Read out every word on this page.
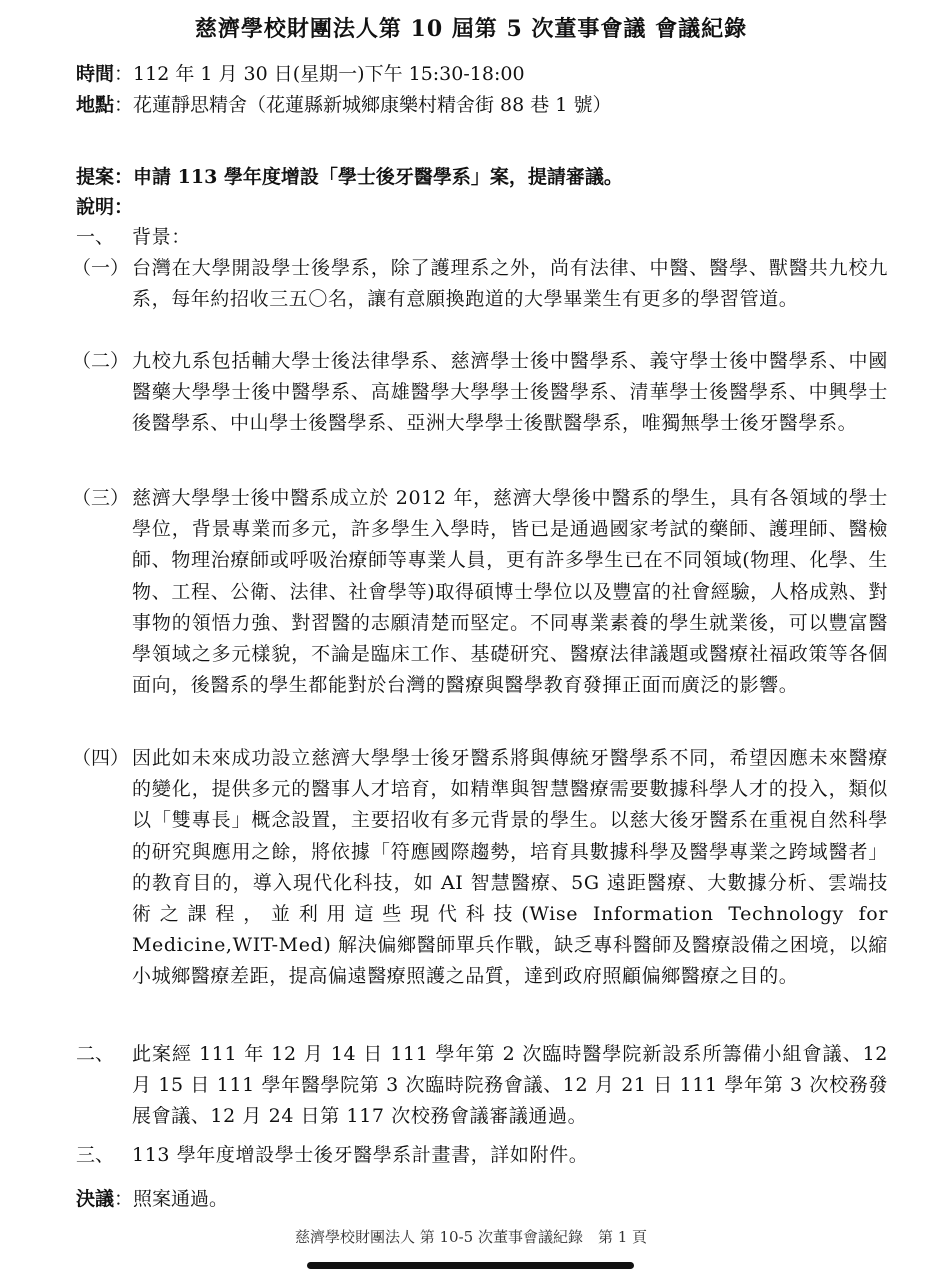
慈濟學校財團法人第 10 屆第 5 次董事會議 會議紀錄
時間：112 年 1 月 30 日(星期一)下午 15:30-18:00
地點：花蓮靜思精舍（花蓮縣新城鄉康樂村精舍街 88 巷 1 號）
提案：申請 113 學年度增設「學士後牙醫學系」案，提請審議。
說明：
一、 背景：
（一） 台灣在大學開設學士後學系，除了護理系之外，尚有法律、中醫、醫學、獸醫共九校九系，每年約招收三五〇名，讓有意願換跑道的大學畢業生有更多的學習管道。
（二） 九校九系包括輔大學士後法律學系、慈濟學士後中醫學系、義守學士後中醫學系、中國醫藥大學學士後中醫學系、高雄醫學大學學士後醫學系、清華學士後醫學系、中興學士後醫學系、中山學士後醫學系、亞洲大學學士後獸醫學系，唯獨無學士後牙醫學系。
（三） 慈濟大學學士後中醫系成立於 2012 年，慈濟大學後中醫系的學生，具有各領域的學士學位，背景專業而多元，許多學生入學時，皆已是通過國家考試的藥師、護理師、醫檢師、物理治療師或呼吸治療師等專業人員，更有許多學生已在不同領域(物理、化學、生物、工程、公衛、法律、社會學等)取得碩博士學位以及豐富的社會經驗，人格成熟、對事物的領悟力強、對習醫的志願清楚而堅定。不同專業素養的學生就業後，可以豐富醫學領域之多元樣貌，不論是臨床工作、基礎研究、醫療法律議題或醫療社福政策等各個面向，後醫系的學生都能對於台灣的醫療與醫學教育發揮正面而廣泛的影響。
（四） 因此如未來成功設立慈濟大學學士後牙醫系將與傳統牙醫學系不同，希望因應未來醫療的變化，提供多元的醫事人才培育，如精準與智慧醫療需要數據科學人才的投入，類似以「雙專長」概念設置，主要招收有多元背景的學生。以慈大後牙醫系在重視自然科學的研究與應用之餘，將依據「符應國際趨勢，培育具數據科學及醫學專業之跨域醫者」的教育目的，導入現代化科技，如 AI 智慧醫療、5G 遠距醫療、大數據分析、雲端技術之課程，並利用這些現代科技(Wise Information Technology for Medicine,WIT-Med) 解決偏鄉醫師單兵作戰，缺乏專科醫師及醫療設備之困境，以縮小城鄉醫療差距，提高偏遠醫療照護之品質，達到政府照顧偏鄉醫療之目的。
二、 此案經 111 年 12 月 14 日 111 學年第 2 次臨時醫學院新設系所籌備小組會議、12 月 15 日 111 學年醫學院第 3 次臨時院務會議、12 月 21 日 111 學年第 3 次校務發展會議、12 月 24 日第 117 次校務會議審議通過。
三、 113 學年度增設學士後牙醫學系計畫書，詳如附件。
決議：照案通過。
慈濟學校財團法人 第 10-5 次董事會議紀錄　第 1 頁
